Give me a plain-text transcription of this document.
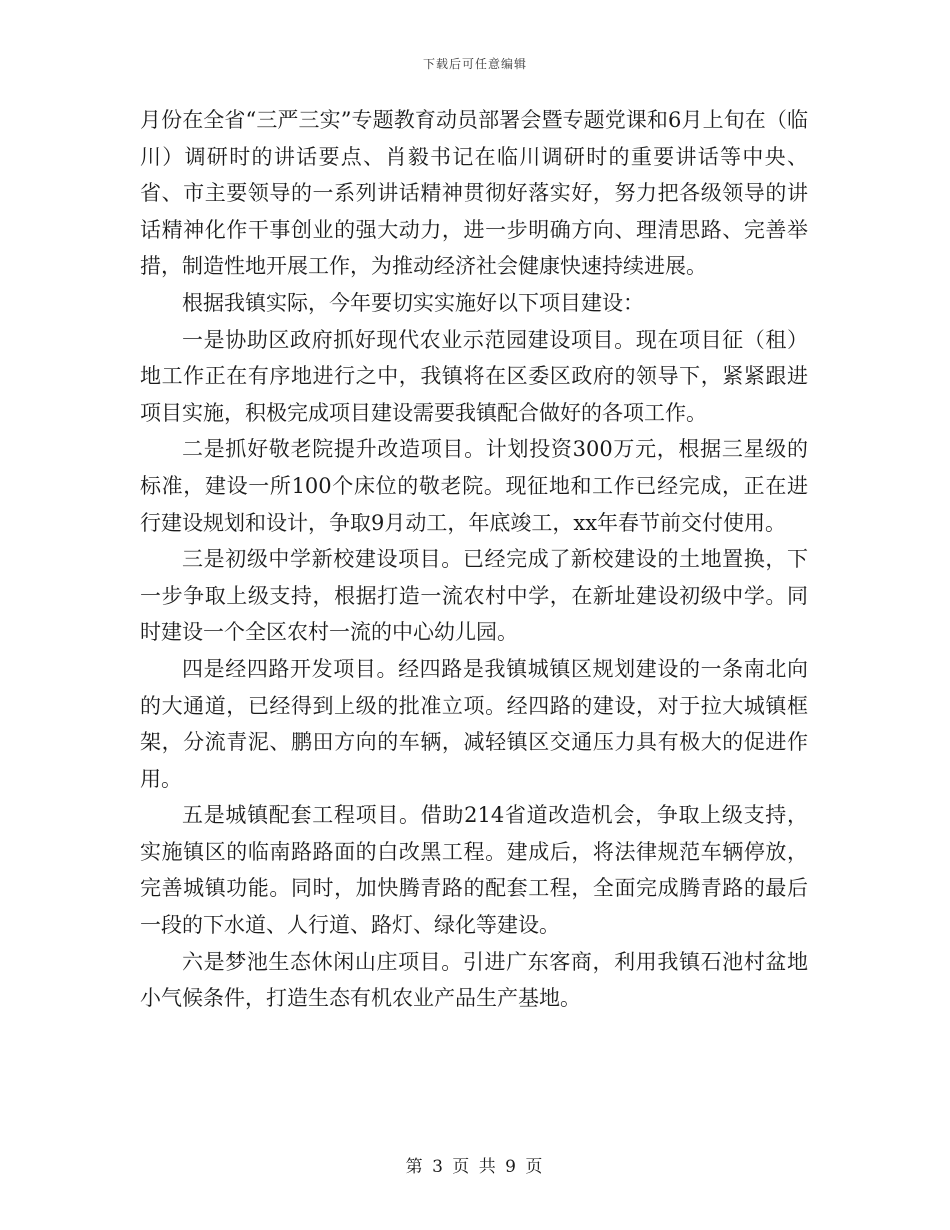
下载后可任意编辑

月份在全省“三严三实”专题教育动员部署会暨专题党课和6月上旬在（临川）调研时的讲话要点、肖毅书记在临川调研时的重要讲话等中央、省、市主要领导的一系列讲话精神贯彻好落实好，努力把各级领导的讲话精神化作干事创业的强大动力，进一步明确方向、理清思路、完善举措，制造性地开展工作，为推动经济社会健康快速持续进展。

根据我镇实际，今年要切实实施好以下项目建设：

一是协助区政府抓好现代农业示范园建设项目。现在项目征（租）地工作正在有序地进行之中，我镇将在区委区政府的领导下，紧紧跟进项目实施，积极完成项目建设需要我镇配合做好的各项工作。

二是抓好敬老院提升改造项目。计划投资300万元，根据三星级的标准，建设一所100个床位的敬老院。现征地和工作已经完成，正在进行建设规划和设计，争取9月动工，年底竣工，xx年春节前交付使用。

三是初级中学新校建设项目。已经完成了新校建设的土地置换，下一步争取上级支持，根据打造一流农村中学，在新址建设初级中学。同时建设一个全区农村一流的中心幼儿园。

四是经四路开发项目。经四路是我镇城镇区规划建设的一条南北向的大通道，已经得到上级的批准立项。经四路的建设，对于拉大城镇框架，分流青泥、鹏田方向的车辆，减轻镇区交通压力具有极大的促进作用。

五是城镇配套工程项目。借助214省道改造机会，争取上级支持，实施镇区的临南路路面的白改黑工程。建成后，将法律规范车辆停放，完善城镇功能。同时，加快腾青路的配套工程，全面完成腾青路的最后一段的下水道、人行道、路灯、绿化等建设。

六是梦池生态休闲山庄项目。引进广东客商，利用我镇石池村盆地小气候条件，打造生态有机农业产品生产基地。

第 3 页 共 9 页
